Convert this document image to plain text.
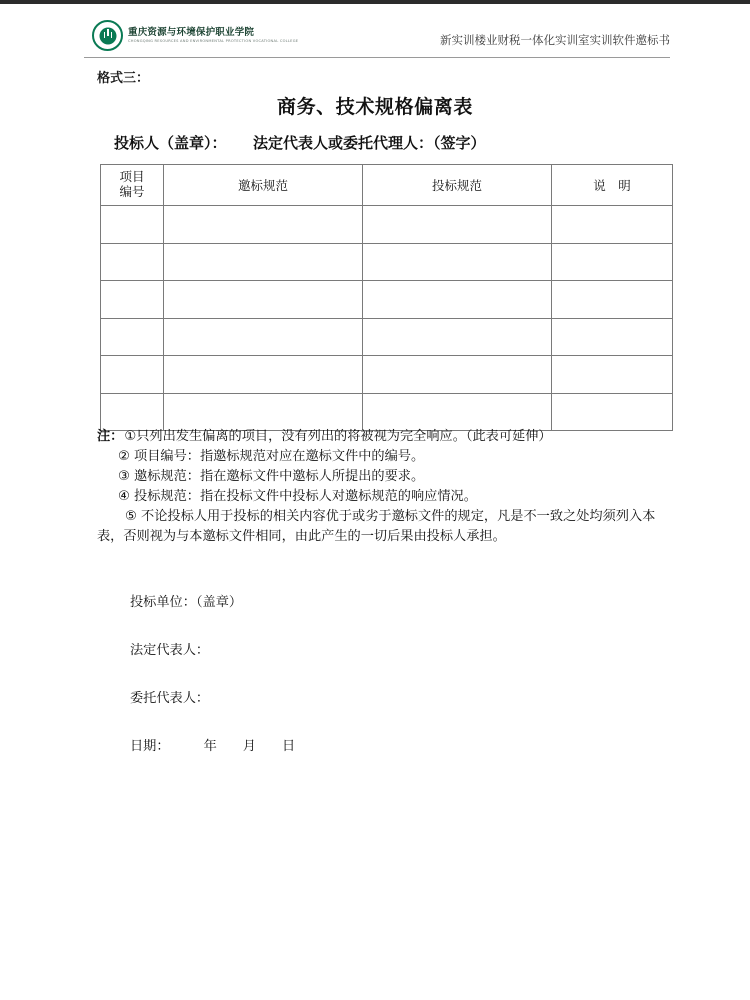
重庆资源与环境保护职业学院
CHONGQING RESOURCES AND ENVIRONMENTAL PROTECTION VOCATIONAL COLLEGE	新实训楼业财税一体化实训室实训软件邀标书
格式三：
商务、技术规格偏离表
投标人（盖章）： 法定代表人或委托代理人：（签字）
项目
编号	邀标规范	投标规范	说　明

注：①只列出发生偏离的项目，没有列出的将被视为完全响应。（此表可延伸）
② 项目编号：指邀标规范对应在邀标文件中的编号。
③ 邀标规范：指在邀标文件中邀标人所提出的要求。
④ 投标规范：指在投标文件中投标人对邀标规范的响应情况。
⑤ 不论投标人用于投标的相关内容优于或劣于邀标文件的规定，凡是不一致之处均须列入本表，否则视为与本邀标文件相同，由此产生的一切后果由投标人承担。
投标单位：（盖章）
法定代表人：
委托代表人：
日期：	年 月 日
